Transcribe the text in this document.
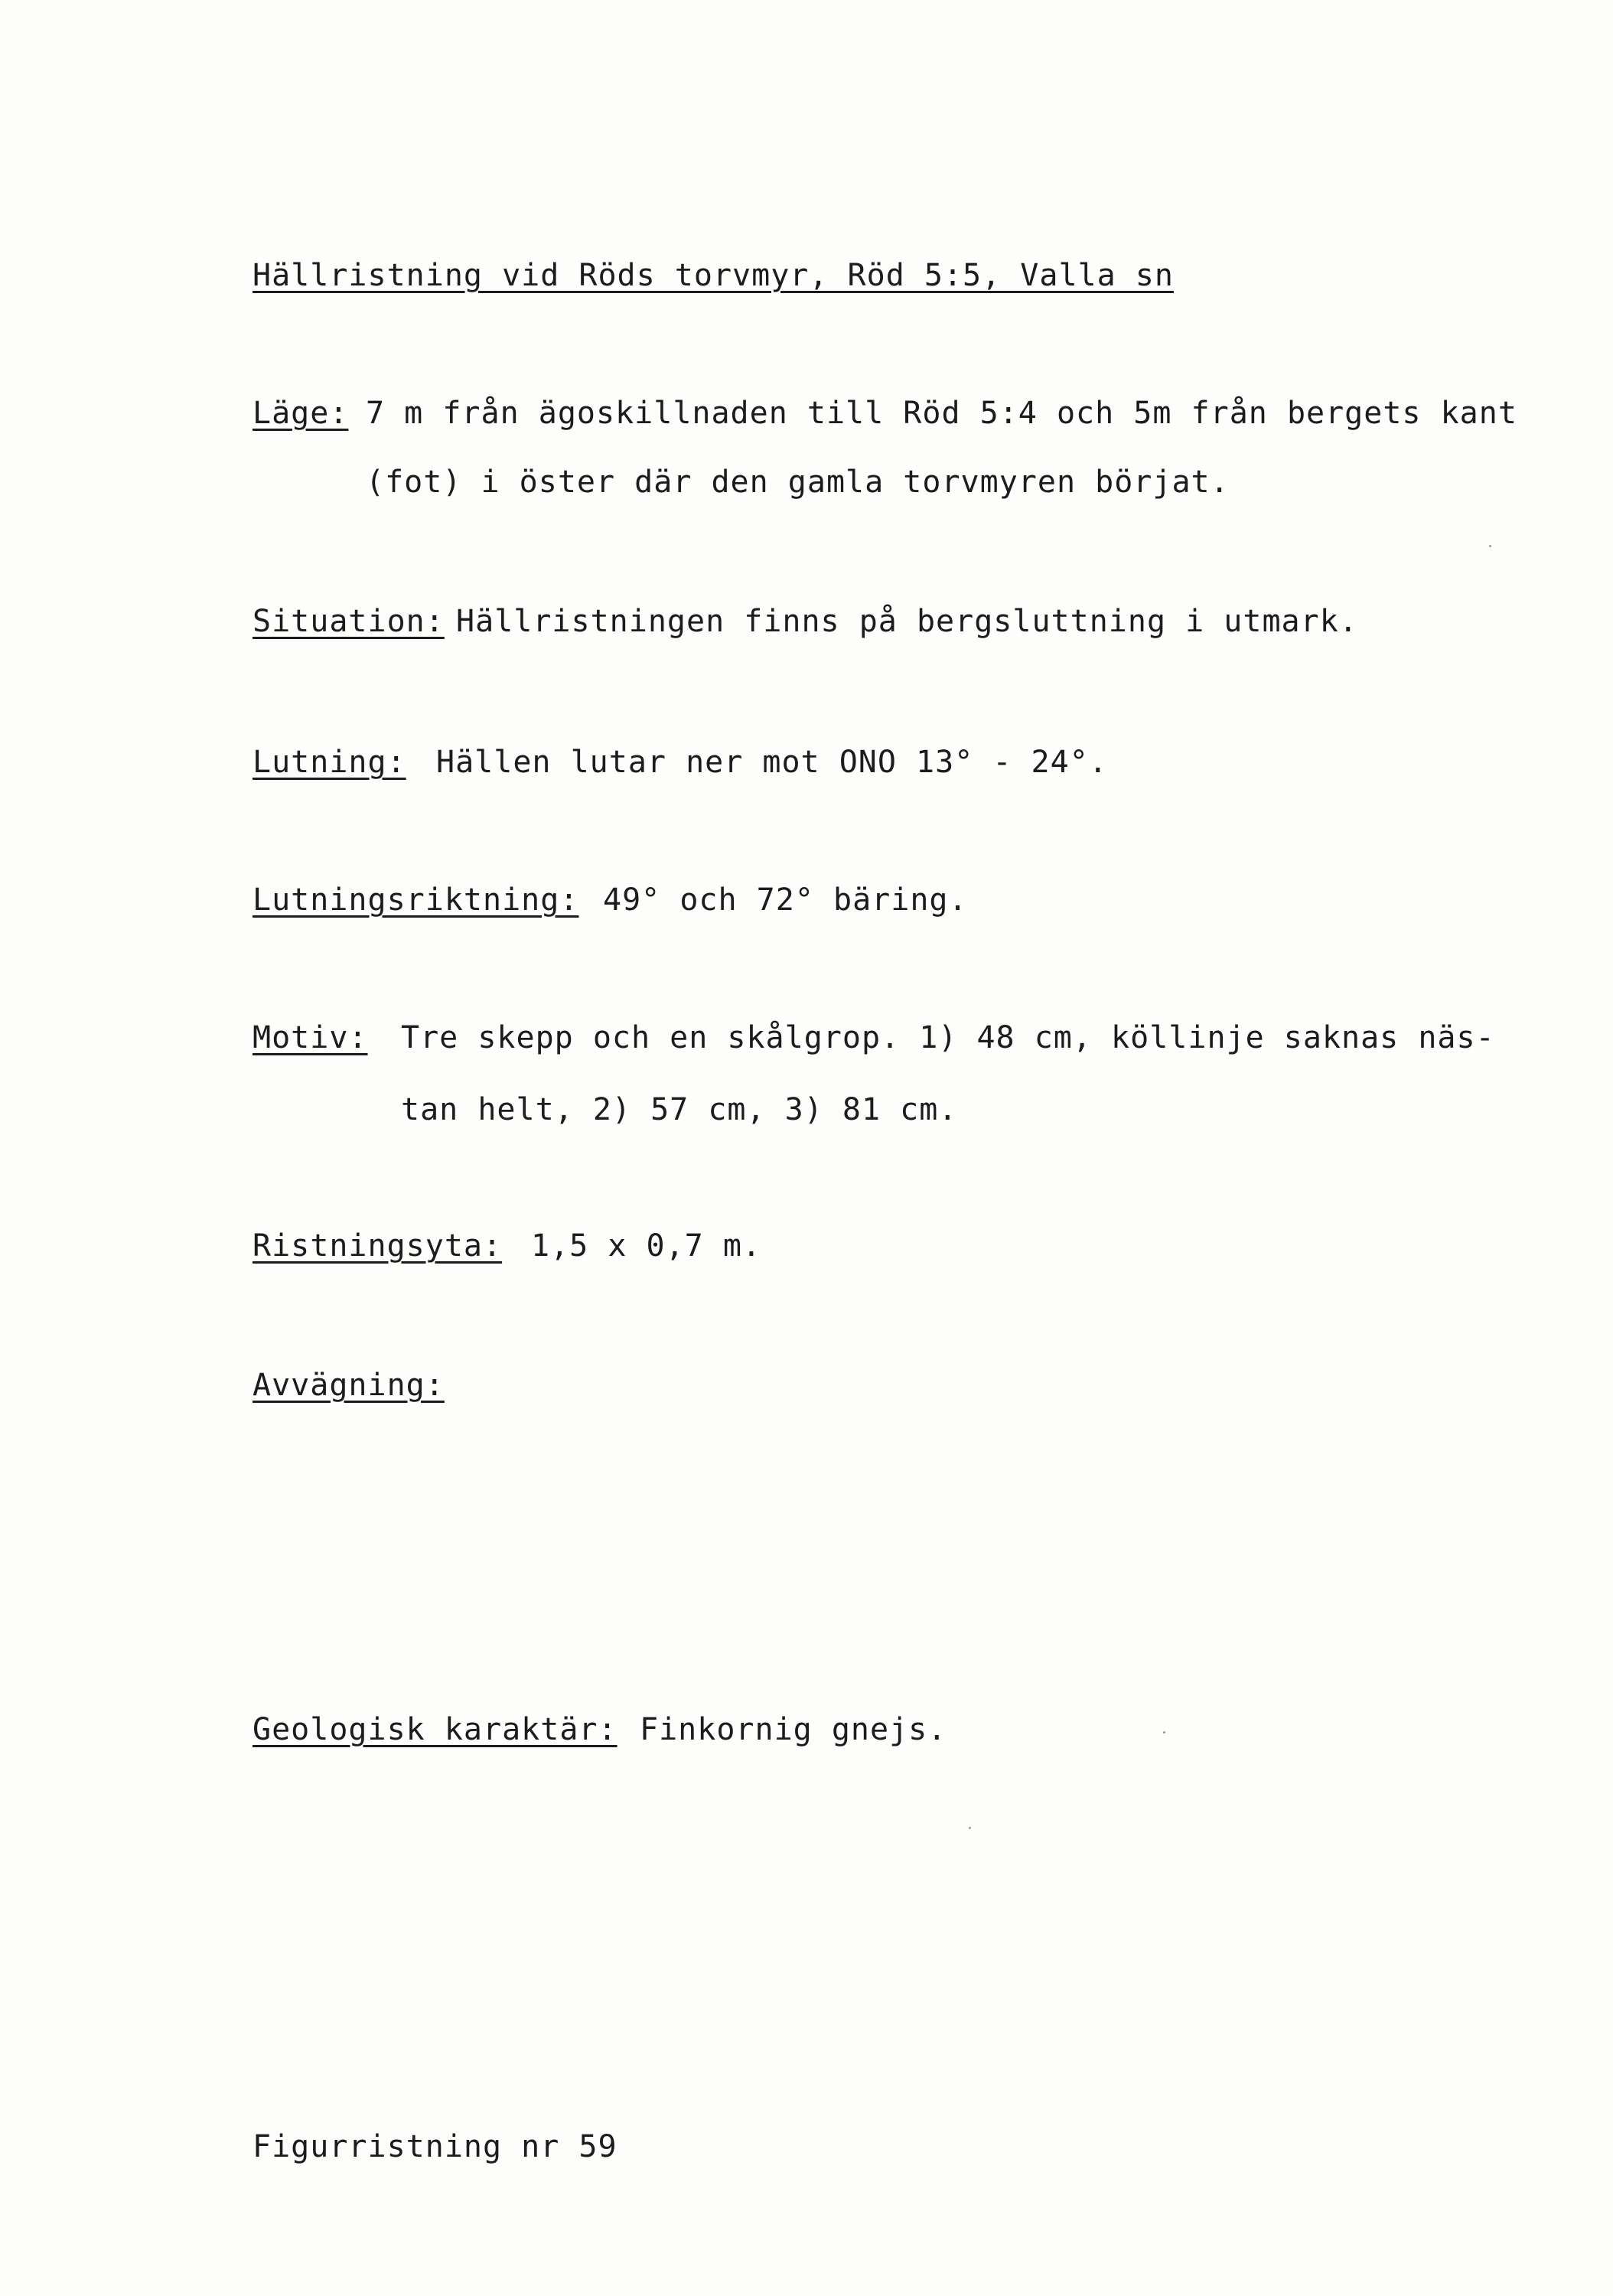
Hällristning vid Röds torvmyr, Röd 5:5, Valla sn
Läge: 7 m från ägoskillnaden till Röd 5:4 och 5m från bergets kant
(fot) i öster där den gamla torvmyren börjat.
Situation: Hällristningen finns på bergsluttning i utmark.
Lutning: Hällen lutar ner mot ONO 13° - 24°.
Lutningsriktning: 49° och 72° bäring.
Motiv: Tre skepp och en skålgrop. 1) 48 cm, köllinje saknas näs-
tan helt, 2) 57 cm, 3) 81 cm.
Ristningsyta: 1,5 x 0,7 m.
Avvägning:
Geologisk karaktär: Finkornig gnejs.
Figurristning nr 59
